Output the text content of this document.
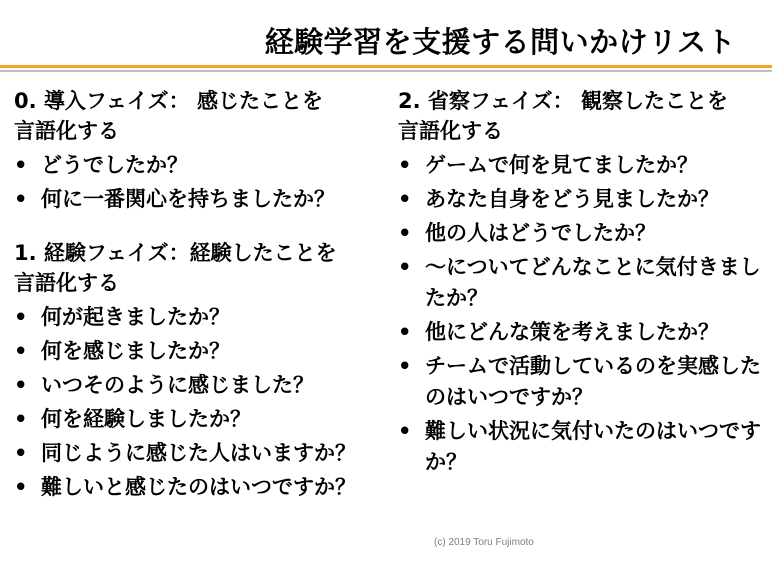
経験学習を支援する問いかけリスト
0. 導入フェイズ： 感じたことを
言語化する
• どうでしたか？
• 何に一番関心を持ちましたか？
1. 経験フェイズ：経験したことを
言語化する
• 何が起きましたか？
• 何を感じましたか？
• いつそのように感じました？
• 何を経験しましたか？
• 同じように感じた人はいますか？
• 難しいと感じたのはいつですか？
2. 省察フェイズ： 観察したことを
言語化する
• ゲームで何を見てましたか？
• あなた自身をどう見ましたか？
• 他の人はどうでしたか？
• ～についてどんなことに気付きましたか？
• 他にどんな策を考えましたか？
• チームで活動しているのを実感したのはいつですか？
• 難しい状況に気付いたのはいつですか？
(c) 2019 Toru Fujimoto
